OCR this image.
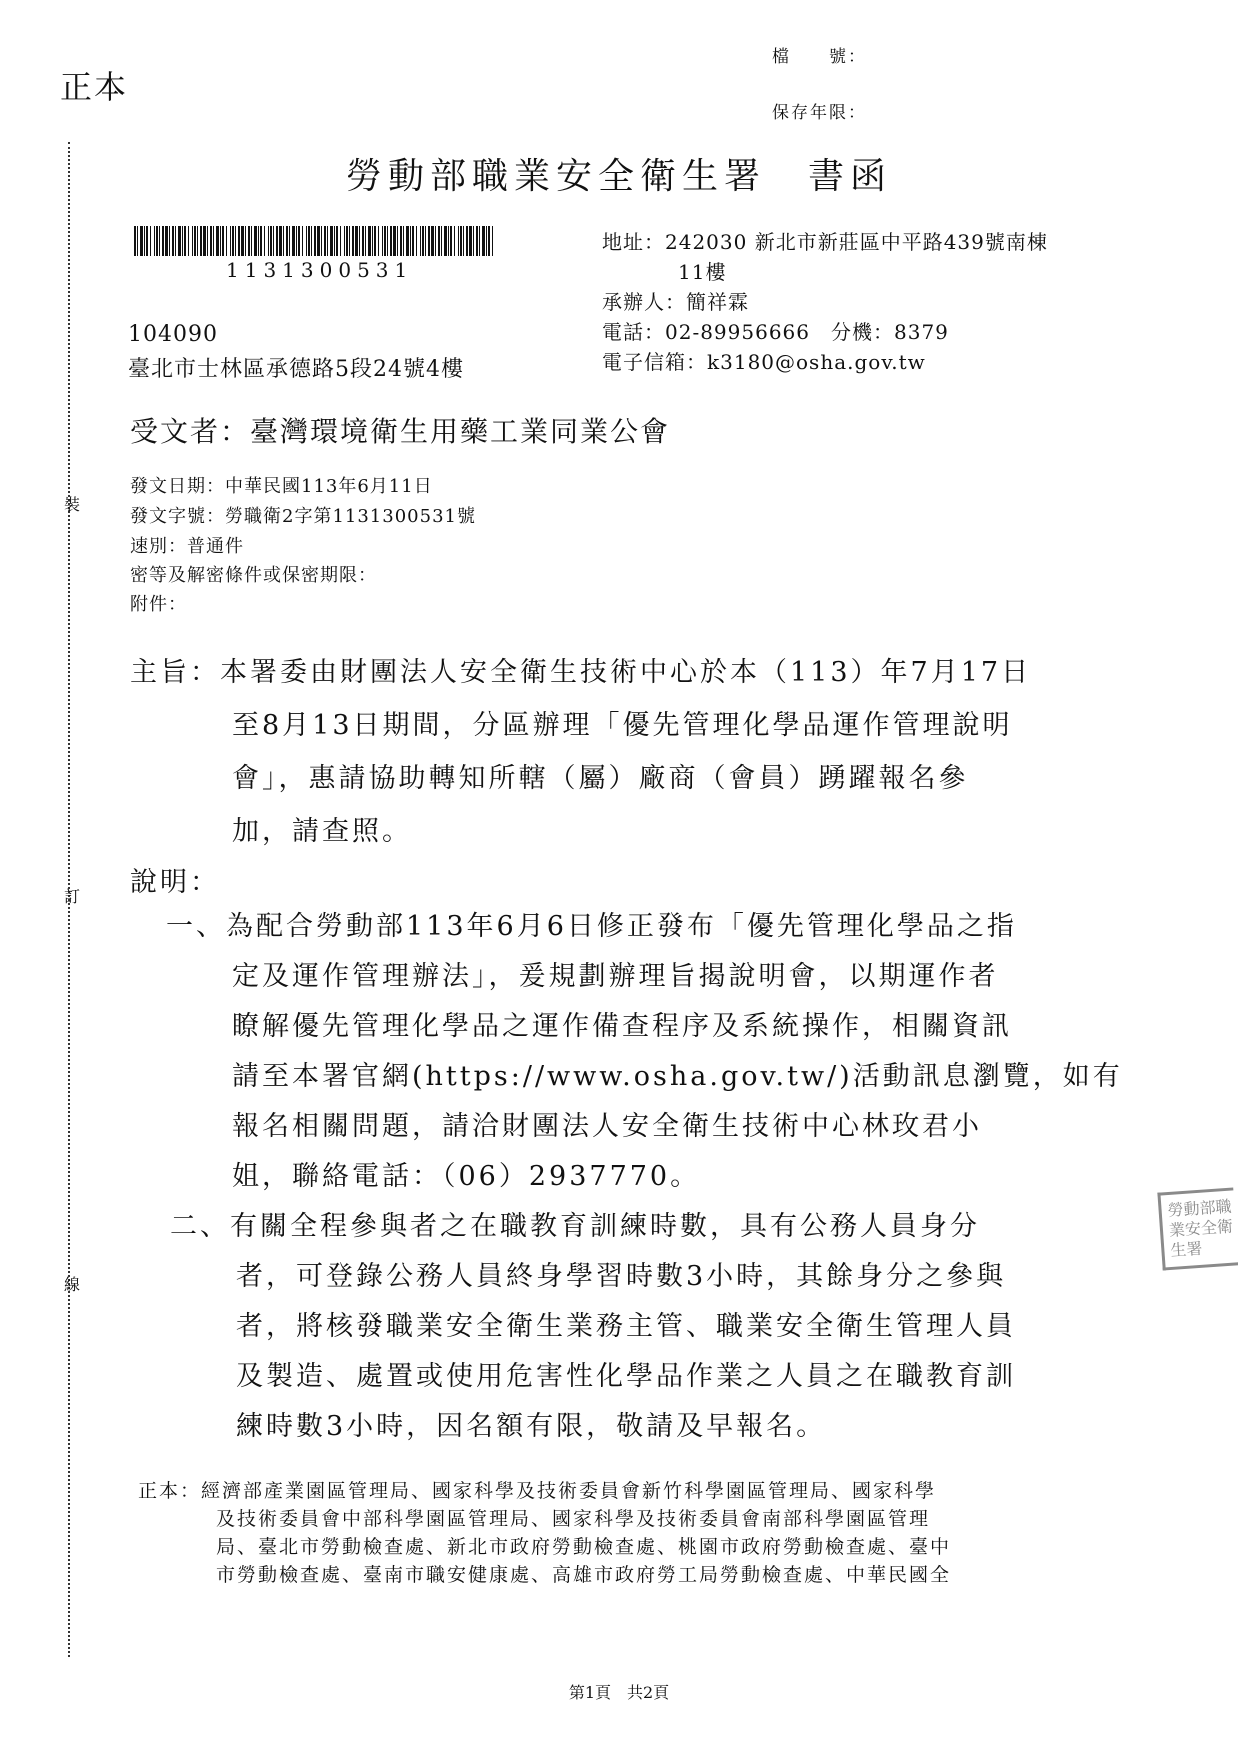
正本
檔　　號：
保存年限：
勞動部職業安全衛生署　書函
裝
訂
線
1131300531
地址：242030 新北市新莊區中平路439號南棟
11樓
承辦人：簡祥霖
電話：02-89956666　分機：8379
電子信箱：k3180@osha.gov.tw
104090
臺北市士林區承德路5段24號4樓
受文者：臺灣環境衛生用藥工業同業公會
發文日期：中華民國113年6月11日
發文字號：勞職衛2字第1131300531號
速別：普通件
密等及解密條件或保密期限：
附件：
主旨：本署委由財團法人安全衛生技術中心於本（113）年7月17日
至8月13日期間，分區辦理「優先管理化學品運作管理說明
會」，惠請協助轉知所轄（屬）廠商（會員）踴躍報名參
加，請查照。
說明：
一、為配合勞動部113年6月6日修正發布「優先管理化學品之指
定及運作管理辦法」，爰規劃辦理旨揭說明會，以期運作者
瞭解優先管理化學品之運作備查程序及系統操作，相關資訊
請至本署官網(https://www.osha.gov.tw/)活動訊息瀏覽，如有
報名相關問題，請洽財團法人安全衛生技術中心林玫君小
姐，聯絡電話：（06）2937770。
二、有關全程參與者之在職教育訓練時數，具有公務人員身分
者，可登錄公務人員終身學習時數3小時，其餘身分之參與
者，將核發職業安全衛生業務主管、職業安全衛生管理人員
及製造、處置或使用危害性化學品作業之人員之在職教育訓
練時數3小時，因名額有限，敬請及早報名。
正本：經濟部產業園區管理局、國家科學及技術委員會新竹科學園區管理局、國家科學
及技術委員會中部科學園區管理局、國家科學及技術委員會南部科學園區管理
局、臺北市勞動檢查處、新北市政府勞動檢查處、桃園市政府勞動檢查處、臺中
市勞動檢查處、臺南市職安健康處、高雄市政府勞工局勞動檢查處、中華民國全
勞動部職業安全衛生署
第1頁　共2頁
